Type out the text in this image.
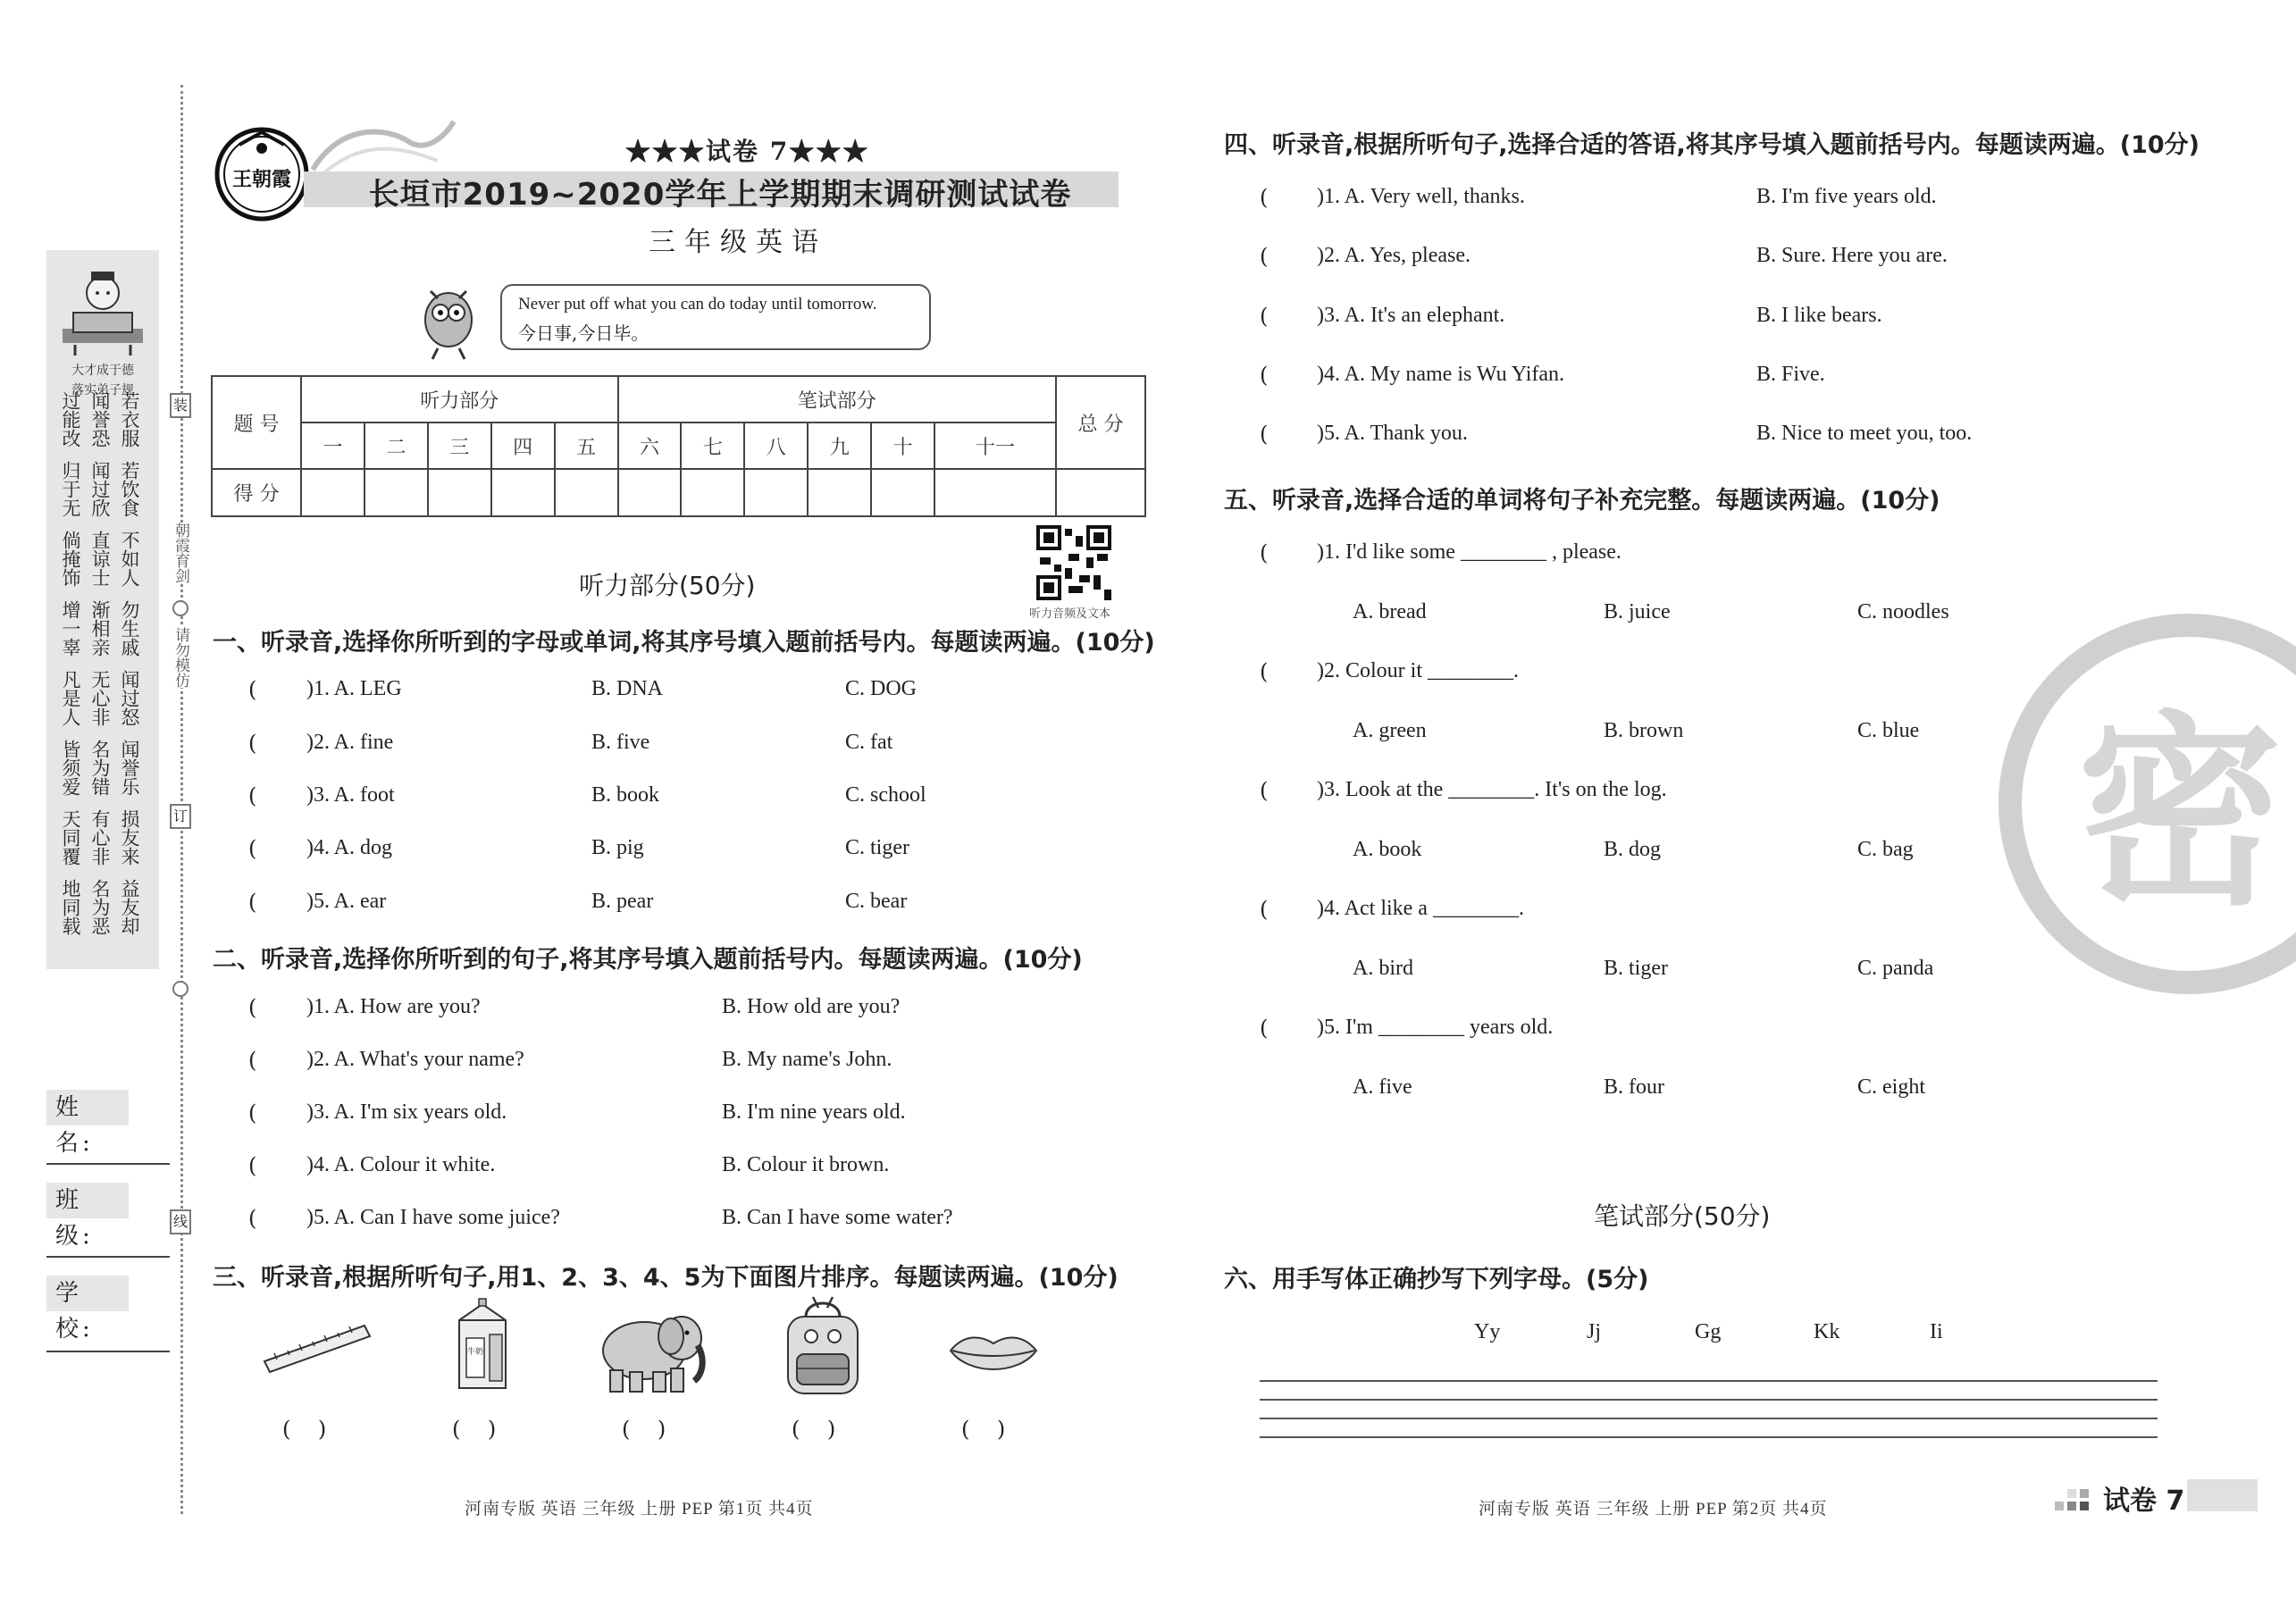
装
订
线
朝霞育剑
请勿模仿
大才成于德
落实弟子规
过能改 闻誉恐 若衣服
归于无 闻过欣 若饮食
倘掩饰 直谅士 不如人
增一辜 渐相亲 勿生戚
凡是人 无心非 闻过怒
皆须爱 名为错 闻誉乐
天同覆 有心非 损友来
地同载 名为恶 益友却
姓 名:
班 级:
学 校:
王朝霞
★★★试卷 7★★★
长垣市2019~2020学年上学期期末调研测试试卷
三年级英语
Never put off what you can do today until tomorrow.
今日事,今日毕。
题 号	听力部分					笔试部分						总 分
	一	二	三	四	五	六	七	八	九	十	十一	
得 分												
听力音频及文本
听力部分(50分)
一、听录音,选择你所听到的字母或单词,将其序号填入题前括号内。每题读两遍。(10分)
( )1. A. LEG	B. DNA	C. DOG
( )2. A. fine	B. five	C. fat
( )3. A. foot	B. book	C. school
( )4. A. dog	B. pig	C. tiger
( )5. A. ear	B. pear	C. bear
二、听录音,选择你所听到的句子,将其序号填入题前括号内。每题读两遍。(10分)
( )1. A. How are you?	B. How old are you?
( )2. A. What's your name?	B. My name's John.
( )3. A. I'm six years old.	B. I'm nine years old.
( )4. A. Colour it white.	B. Colour it brown.
( )5. A. Can I have some juice?	B. Can I have some water?
三、听录音,根据所听句子,用1、2、3、4、5为下面图片排序。每题读两遍。(10分)
牛奶
(    )	(    )	(    )	(    )	(    )
河南专版 英语 三年级 上册 PEP 第1页 共4页
四、听录音,根据所听句子,选择合适的答语,将其序号填入题前括号内。每题读两遍。(10分)
( )1. A. Very well, thanks.	B. I'm five years old.
( )2. A. Yes, please.	B. Sure. Here you are.
( )3. A. It's an elephant.	B. I like bears.
( )4. A. My name is Wu Yifan.	B. Five.
( )5. A. Thank you.	B. Nice to meet you, too.
五、听录音,选择合适的单词将句子补充完整。每题读两遍。(10分)
( )1. I'd like some ________ , please.
A. bread	B. juice	C. noodles
( )2. Colour it ________.
A. green	B. brown	C. blue
( )3. Look at the ________. It's on the log.
A. book	B. dog	C. bag
( )4. Act like a ________.
A. bird	B. tiger	C. panda
( )5. I'm ________ years old.
A. five	B. four	C. eight
密
笔试部分(50分)
六、用手写体正确抄写下列字母。(5分)
Yy	Jj	Gg	Kk	Ii
河南专版 英语 三年级 上册 PEP 第2页 共4页	试卷 7
